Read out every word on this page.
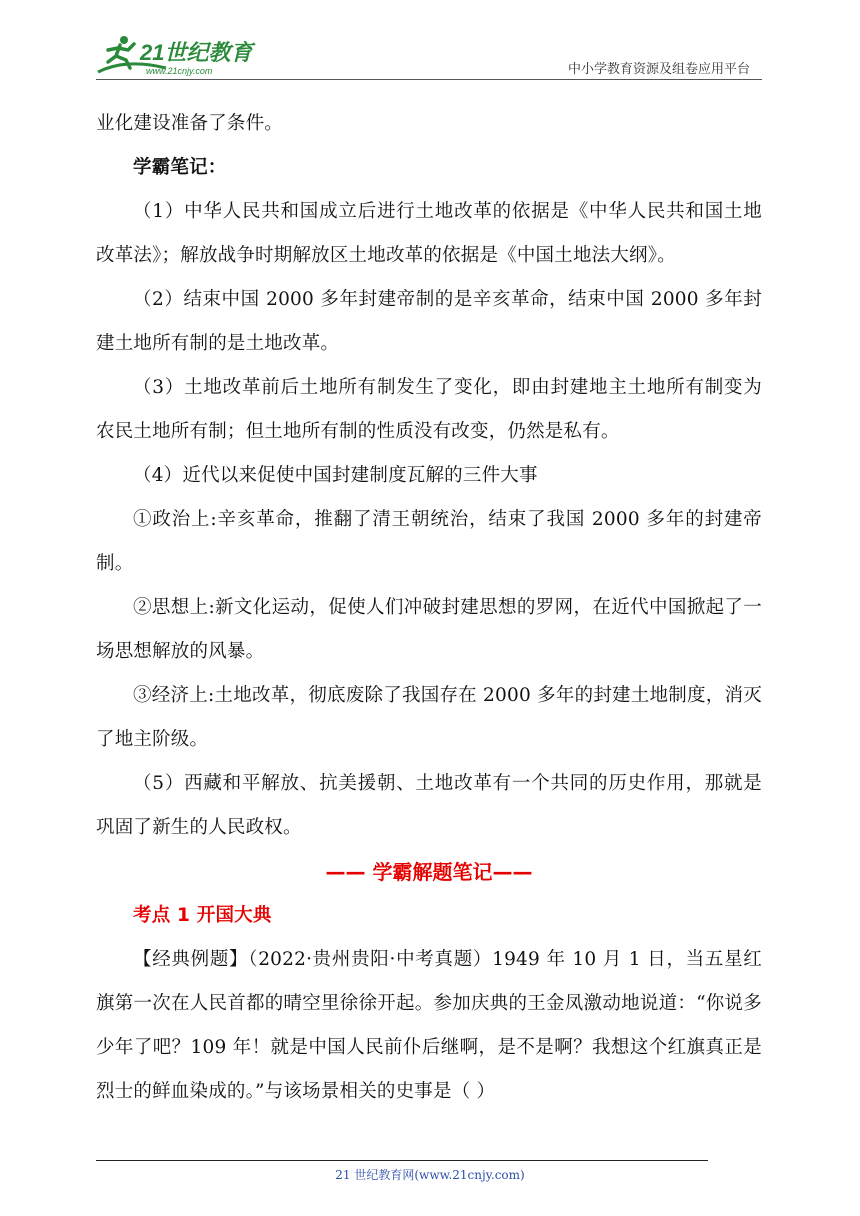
21世纪教育
www.21cnjy.com	中小学教育资源及组卷应用平台

业化建设准备了条件。

学霸笔记：

（1）中华人民共和国成立后进行土地改革的依据是《中华人民共和国土地改革法》；解放战争时期解放区土地改革的依据是《中国土地法大纲》。

（2）结束中国 2000 多年封建帝制的是辛亥革命，结束中国 2000 多年封建土地所有制的是土地改革。

（3）土地改革前后土地所有制发生了变化，即由封建地主土地所有制变为农民土地所有制；但土地所有制的性质没有改变，仍然是私有。

（4）近代以来促使中国封建制度瓦解的三件大事

①政治上:辛亥革命，推翻了清王朝统治，结束了我国 2000 多年的封建帝制。

②思想上:新文化运动，促使人们冲破封建思想的罗网，在近代中国掀起了一场思想解放的风暴。

③经济上:土地改革，彻底废除了我国存在 2000 多年的封建土地制度，消灭了地主阶级。

（5）西藏和平解放、抗美援朝、土地改革有一个共同的历史作用，那就是巩固了新生的人民政权。

—— 学霸解题笔记——

考点 1 开国大典

【经典例题】（2022·贵州贵阳·中考真题）1949 年 10 月 1 日，当五星红旗第一次在人民首都的晴空里徐徐开起。参加庆典的王金凤激动地说道：“你说多少年了吧？109 年！就是中国人民前仆后继啊，是不是啊？我想这个红旗真正是烈士的鲜血染成的。”与该场景相关的史事是（ ）

21 世纪教育网(www.21cnjy.com)
